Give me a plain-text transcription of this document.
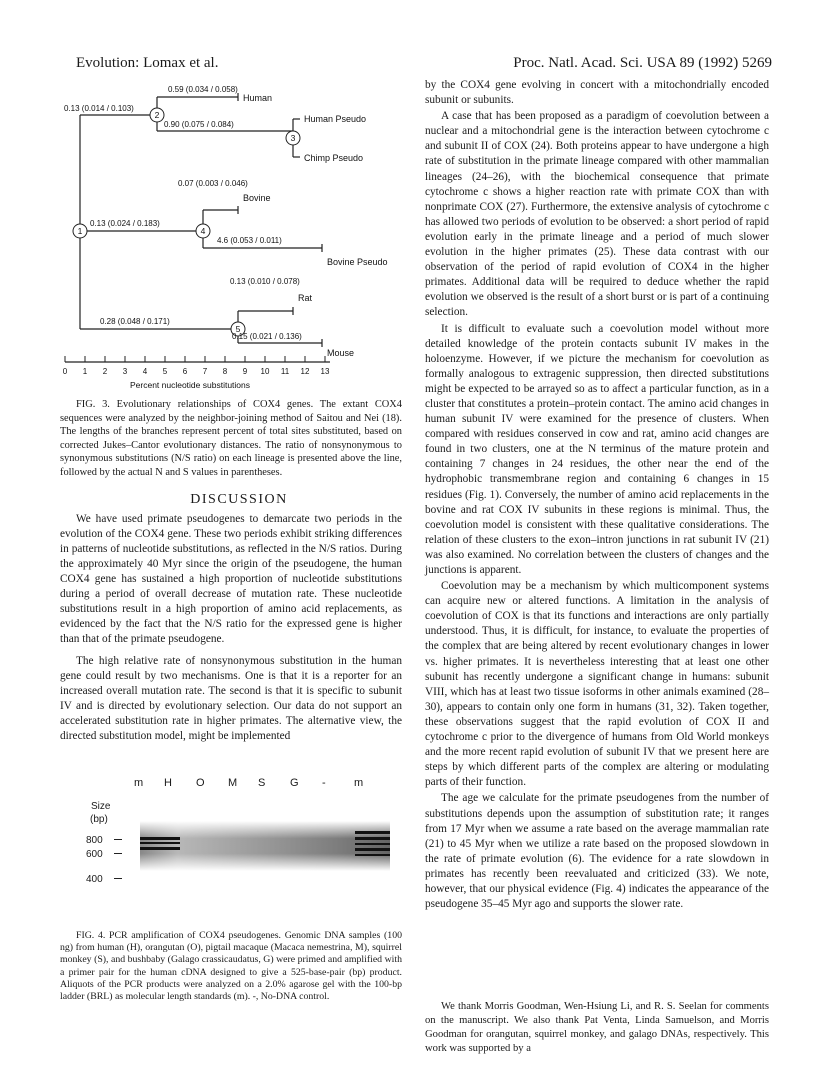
Evolution: Lomax et al.	Proc. Natl. Acad. Sci. USA 89 (1992) 5269
1
2
3
4
5
0.59 (0.034 / 0.058)
0.13 (0.014 / 0.103)
0.90 (0.075 / 0.084)
0.07 (0.003 / 0.046)
0.13 (0.024 / 0.183)
4.6 (0.053 / 0.011)
0.13 (0.010 / 0.078)
0.28 (0.048 / 0.171)
0.15 (0.021 / 0.136)
Human
Human Pseudo
Chimp Pseudo
Bovine
Bovine Pseudo
Rat
Mouse
0 1 2 3 4 5 6 7 8 9 10 11 12 13
Percent nucleotide substitutions

FIG. 3. Evolutionary relationships of COX4 genes. The extant COX4 sequences were analyzed by the neighbor-joining method of Saitou and Nei (18). The lengths of the branches represent percent of total sites substituted, based on corrected Jukes–Cantor evolutionary distances. The ratio of nonsynonymous to synonymous substitutions (N/S ratio) on each lineage is presented above the line, followed by the actual N and S values in parentheses.

DISCUSSION

We have used primate pseudogenes to demarcate two periods in the evolution of the COX4 gene. These two periods exhibit striking differences in patterns of nucleotide substitutions, as reflected in the N/S ratios. During the approximately 40 Myr since the origin of the pseudogene, the human COX4 gene has sustained a high proportion of nucleotide substitutions during a period of overall decrease of mutation rate. These nucleotide substitutions result in a high proportion of amino acid replacements, as evidenced by the fact that the N/S ratio for the expressed gene is higher than that of the primate pseudogene.

The high relative rate of nonsynonymous substitution in the human gene could result by two mechanisms. One is that it is a reporter for an increased overall mutation rate. The second is that it is specific to subunit IV and is directed by evolutionary selection. Our data do not support an accelerated substitution rate in higher primates. The alternative view, the directed substitution model, might be implemented

m H O M S G -	m
Size
(bp)
800
600
400

FIG. 4. PCR amplification of COX4 pseudogenes. Genomic DNA samples (100 ng) from human (H), orangutan (O), pigtail macaque (Macaca nemestrina, M), squirrel monkey (S), and bushbaby (Galago crassicaudatus, G) were primed and amplified with a primer pair for the human cDNA designed to give a 525-base-pair (bp) product. Aliquots of the PCR products were analyzed on a 2.0% agarose gel with the 100-bp ladder (BRL) as molecular length standards (m). -, No-DNA control.

by the COX4 gene evolving in concert with a mitochondrially encoded subunit or subunits.

A case that has been proposed as a paradigm of coevolution between a nuclear and a mitochondrial gene is the interaction between cytochrome c and subunit II of COX (24). Both proteins appear to have undergone a high rate of substitution in the primate lineage compared with other mammalian lineages (24–26), with the biochemical consequence that primate cytochrome c shows a higher reaction rate with primate COX than with nonprimate COX (27). Furthermore, the extensive analysis of cytochrome c has allowed two periods of evolution to be observed: a short period of rapid evolution early in the primate lineage and a period of much slower evolution in the higher primates (25). These data contrast with our observation of the period of rapid evolution of COX4 in the higher primates. Additional data will be required to deduce whether the rapid evolution we observed is the result of a short burst or is part of a continuing selection.

It is difficult to evaluate such a coevolution model without more detailed knowledge of the protein contacts subunit IV makes in the holoenzyme. However, if we picture the mechanism for coevolution as formally analogous to extragenic suppression, then directed substitutions might be expected to be arrayed so as to affect a particular function, as in a cluster that constitutes a protein–protein contact. The amino acid changes in human subunit IV were examined for the presence of clusters. When compared with residues conserved in cow and rat, amino acid changes are found in two clusters, one at the N terminus of the mature protein and containing 7 changes in 24 residues, the other near the end of the hydrophobic transmembrane region and containing 6 changes in 15 residues (Fig. 1). Conversely, the number of amino acid replacements in the bovine and rat COX IV subunits in these regions is minimal. Thus, the coevolution model is consistent with these qualitative considerations. The relation of these clusters to the exon–intron junctions in rat subunit IV (21) was also examined. No correlation between the clusters of changes and the junctions is apparent.

Coevolution may be a mechanism by which multicomponent systems can acquire new or altered functions. A limitation in the analysis of coevolution of COX is that its functions and interactions are only partially understood. Thus, it is difficult, for instance, to evaluate the properties of the complex that are being altered by recent evolutionary changes in lower vs. higher primates. It is nevertheless interesting that at least one other subunit has recently undergone a significant change in humans: subunit VIII, which has at least two tissue isoforms in other animals examined (28–30), appears to contain only one form in humans (31, 32). Taken together, these observations suggest that the rapid evolution of COX II and cytochrome c prior to the divergence of humans from Old World monkeys and the more recent rapid evolution of subunit IV that we present here are steps by which different parts of the complex are altering or modulating parts of their function.

The age we calculate for the primate pseudogenes from the number of substitutions depends upon the assumption of substitution rate; it ranges from 17 Myr when we assume a rate based on the average mammalian rate (21) to 45 Myr when we utilize a rate based on the proposed slowdown in the rate of primate evolution (6). The evidence for a rate slowdown in primates has recently been reevaluated and criticized (33). We note, however, that our physical evidence (Fig. 4) indicates the appearance of the pseudogene 35–45 Myr ago and supports the slower rate.

We thank Morris Goodman, Wen-Hsiung Li, and R. S. Seelan for comments on the manuscript. We also thank Pat Venta, Linda Samuelson, and Morris Goodman for orangutan, squirrel monkey, and galago DNAs, respectively. This work was supported by a
